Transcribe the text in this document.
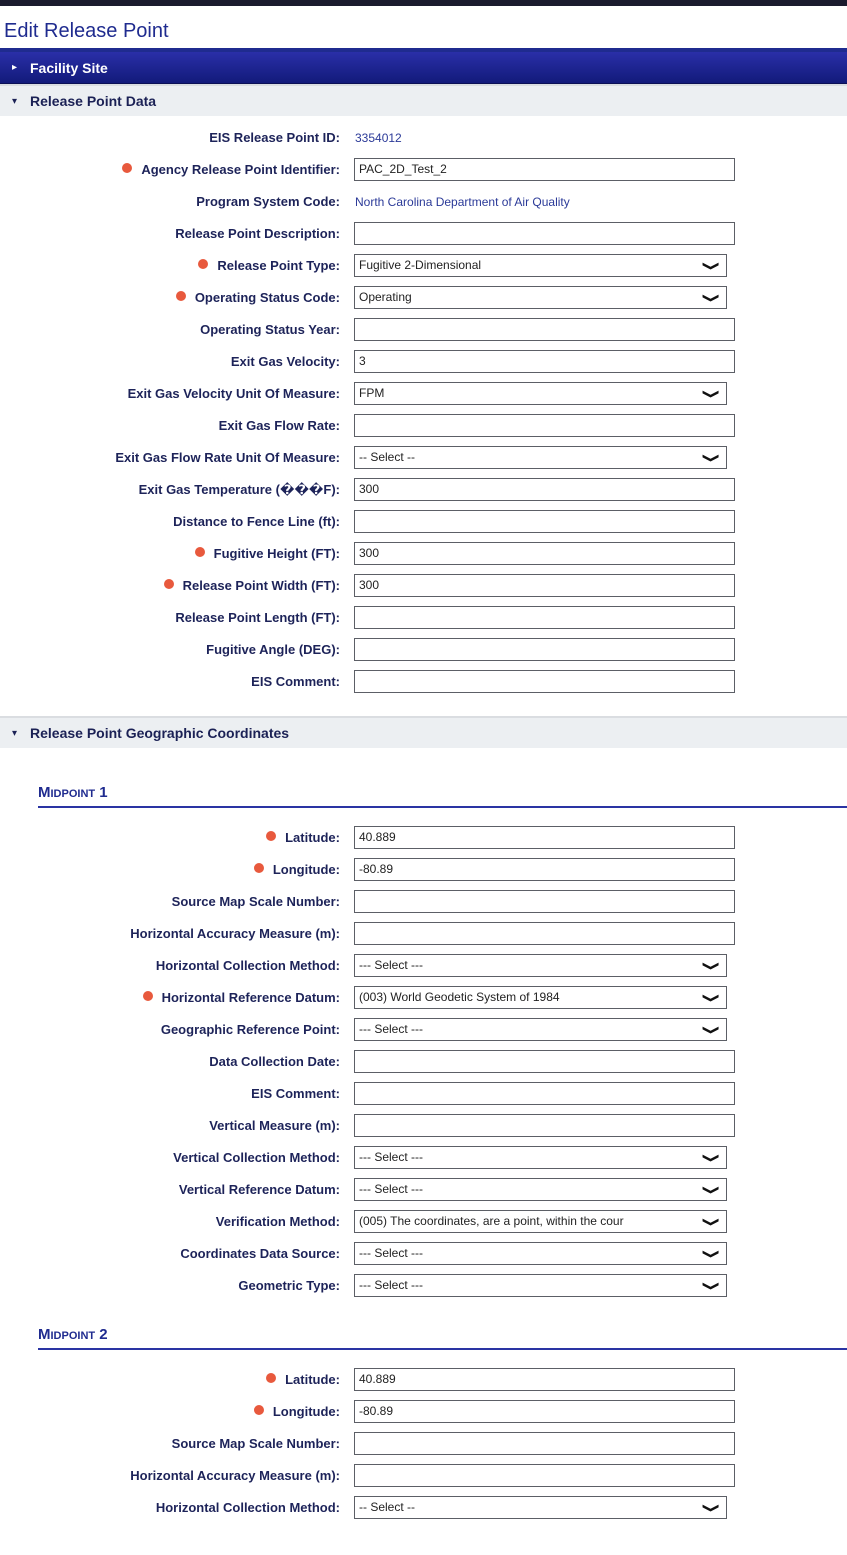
Edit Release Point
▸ Facility Site
▾ Release Point Data
EIS Release Point ID: 3354012
Agency Release Point Identifier:	PAC_2D_Test_2
Program System Code: North Carolina Department of Air Quality
Release Point Description:
Release Point Type:	Fugitive 2-Dimensional	❯
Operating Status Code:	Operating	❯
Operating Status Year:
Exit Gas Velocity:	3
Exit Gas Velocity Unit Of Measure:	FPM	❯
Exit Gas Flow Rate:
Exit Gas Flow Rate Unit Of Measure:	-- Select --	❯
Exit Gas Temperature (���F):	300
Distance to Fence Line (ft):
Fugitive Height (FT):	300
Release Point Width (FT):	300
Release Point Length (FT):
Fugitive Angle (DEG):
EIS Comment:
▾ Release Point Geographic Coordinates
Midpoint 1
Latitude:	40.889
Longitude:	-80.89
Source Map Scale Number:
Horizontal Accuracy Measure (m):
Horizontal Collection Method:	--- Select ---	❯
Horizontal Reference Datum:	(003) World Geodetic System of 1984	❯
Geographic Reference Point:	--- Select ---	❯
Data Collection Date:
EIS Comment:
Vertical Measure (m):
Vertical Collection Method:	--- Select ---	❯
Vertical Reference Datum:	--- Select ---	❯
Verification Method:	(005) The coordinates, are a point, within the cour	❯
Coordinates Data Source:	--- Select ---	❯
Geometric Type:	--- Select ---	❯
Midpoint 2
Latitude:	40.889
Longitude:	-80.89
Source Map Scale Number:
Horizontal Accuracy Measure (m):
Horizontal Collection Method:	-- Select --	❯
